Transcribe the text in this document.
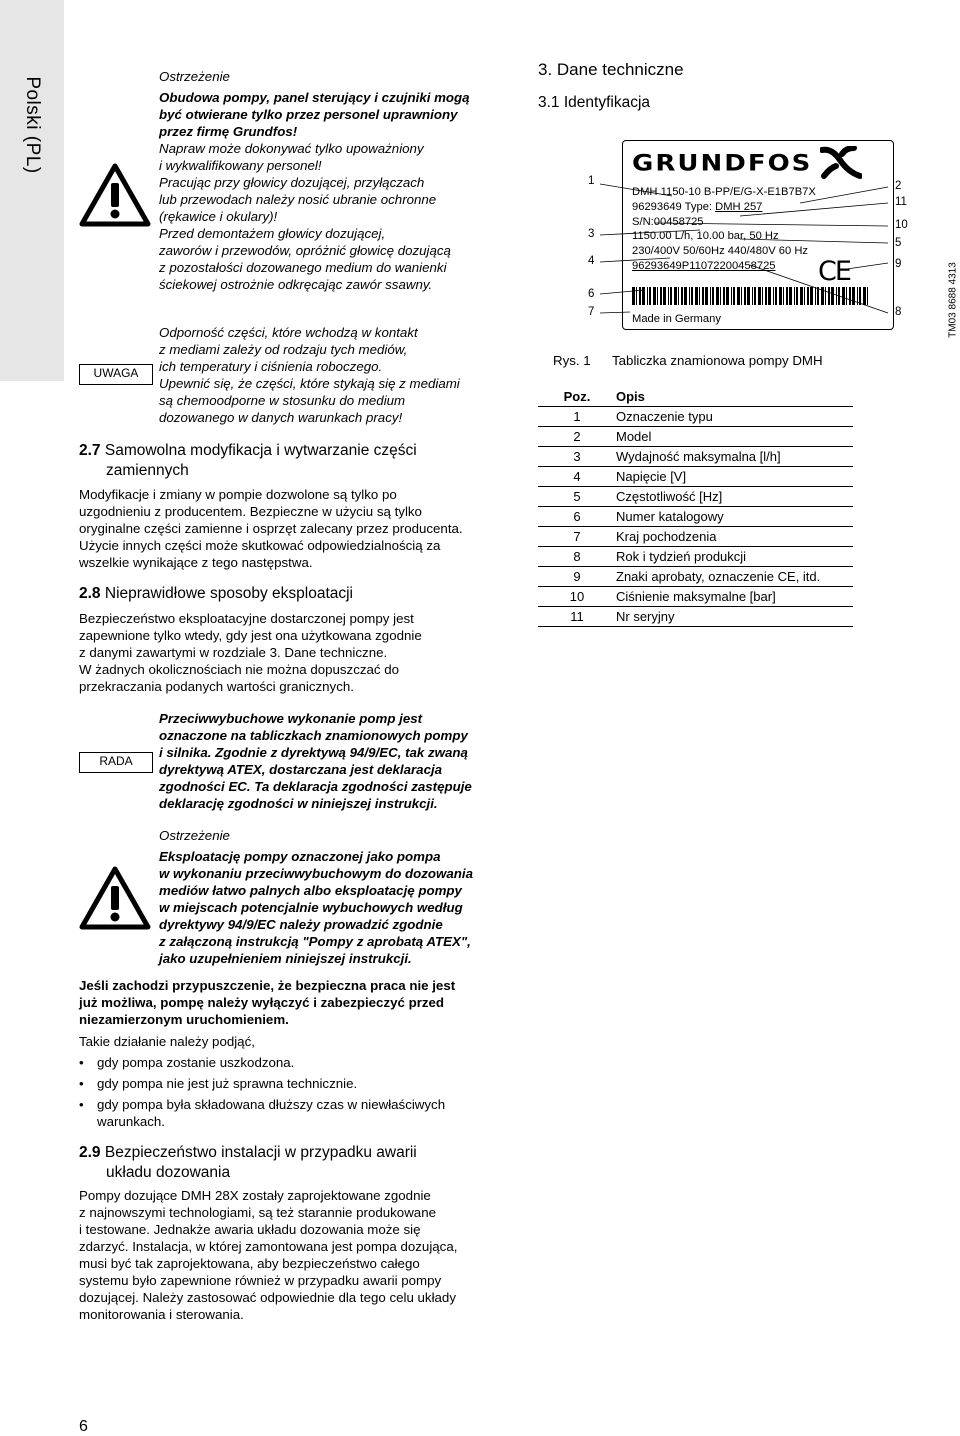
Polski (PL)	Ostrzeżenie
Obudowa pompy, panel sterujący i czujniki mogą
być otwierane tylko przez personel uprawniony
przez firmę Grundfos!
Napraw może dokonywać tylko upoważniony
i wykwalifikowany personel!
Pracując przy głowicy dozującej, przyłączach
lub przewodach należy nosić ubranie ochronne
(rękawice i okulary)!
Przed demontażem głowicy dozującej,
zaworów i przewodów, opróżnić głowicę dozującą
z pozostałości dozowanego medium do wanienki
ściekowej ostrożnie odkręcając zawór ssawny.
UWAGA
Odporność części, które wchodzą w kontakt
z mediami zależy od rodzaju tych mediów,
ich temperatury i ciśnienia roboczego.
Upewnić się, że części, które stykają się z mediami
są chemoodporne w stosunku do medium
dozowanego w danych warunkach pracy!
2.7 Samowolna modyfikacja i wytwarzanie części
zamiennych
Modyfikacje i zmiany w pompie dozwolone są tylko po
uzgodnieniu z producentem. Bezpieczne w użyciu są tylko
oryginalne części zamienne i osprzęt zalecany przez producenta.
Użycie innych części może skutkować odpowiedzialnością za
wszelkie wynikające z tego następstwa.
2.8 Nieprawidłowe sposoby eksploatacji
Bezpieczeństwo eksploatacyjne dostarczonej pompy jest
zapewnione tylko wtedy, gdy jest ona użytkowana zgodnie
z danymi zawartymi w rozdziale 3. Dane techniczne.
W żadnych okolicznościach nie można dopuszczać do
przekraczania podanych wartości granicznych.
RADA
Przeciwwybuchowe wykonanie pomp jest
oznaczone na tabliczkach znamionowych pompy
i silnika. Zgodnie z dyrektywą 94/9/EC, tak zwaną
dyrektywą ATEX, dostarczana jest deklaracja
zgodności EC. Ta deklaracja zgodności zastępuje
deklarację zgodności w niniejszej instrukcji.
Ostrzeżenie
Eksploatację pompy oznaczonej jako pompa
w wykonaniu przeciwwybuchowym do dozowania
mediów łatwo palnych albo eksploatację pompy
w miejscach potencjalnie wybuchowych według
dyrektywy 94/9/EC należy prowadzić zgodnie
z załączoną instrukcją "Pompy z aprobatą ATEX",
jako uzupełnieniem niniejszej instrukcji.
Jeśli zachodzi przypuszczenie, że bezpieczna praca nie jest
już możliwa, pompę należy wyłączyć i zabezpieczyć przed
niezamierzonym uruchomieniem.
Takie działanie należy podjąć,
• gdy pompa zostanie uszkodzona.
• gdy pompa nie jest już sprawna technicznie.
• gdy pompa była składowana dłuższy czas w niewłaściwych warunkach.
2.9 Bezpieczeństwo instalacji w przypadku awarii
układu dozowania
Pompy dozujące DMH 28X zostały zaprojektowane zgodnie
z najnowszymi technologiami, są też starannie produkowane
i testowane. Jednakże awaria układu dozowania może się
zdarzyć. Instalacja, w której zamontowana jest pompa dozująca,
musi być tak zaprojektowana, aby bezpieczeństwo całego
systemu było zapewnione również w przypadku awarii pompy
dozującej. Należy zastosować odpowiednie dla tego celu układy
monitorowania i sterowania.
6
3. Dane techniczne
3.1 Identyfikacja
GRUNDFOS
DMH 1150-10 B-PP/E/G-X-E1B7B7X
96293649 Type: DMH 257
S/N:00458725
1150.00 L/h, 10.00 bar, 50 Hz
230/400V 50/60Hz 440/480V 60 Hz
96293649P11072200458725
Made in Germany
CE
1
3
4
6
7
2
11
10
5
9
8	TM03 8688 4313
Rys. 1 Tabliczka znamionowa pompy DMH
Poz.	Opis
1	Oznaczenie typu
2	Model
3	Wydajność maksymalna [l/h]
4	Napięcie [V]
5	Częstotliwość [Hz]
6	Numer katalogowy
7	Kraj pochodzenia
8	Rok i tydzień produkcji
9	Znaki aprobaty, oznaczenie CE, itd.
10	Ciśnienie maksymalne [bar]
11	Nr seryjny
